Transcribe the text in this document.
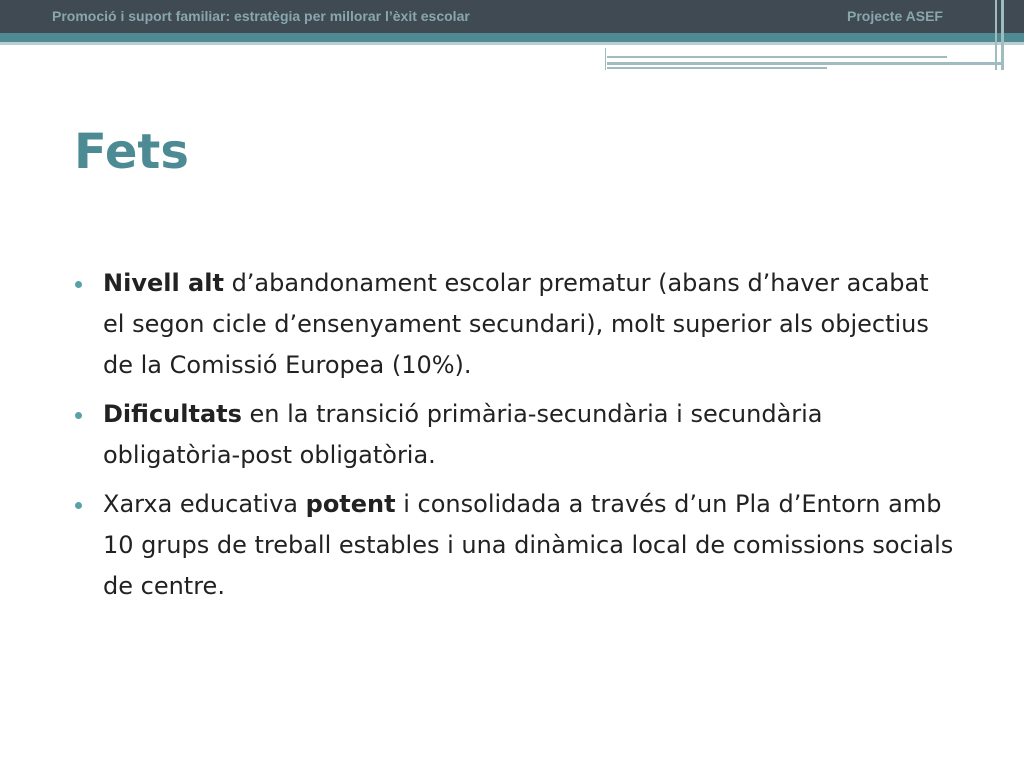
Promoció i suport familiar: estratègia per millorar l’èxit escolar	Projecte ASEF
Fets
Nivell alt d’abandonament escolar prematur (abans d’haver acabat el segon cicle d’ensenyament secundari), molt superior als objectius de la Comissió Europea (10%).
Dificultats en la transició primària-secundària i secundària obligatòria-post obligatòria.
Xarxa educativa potent i consolidada a través d’un Pla d’Entorn amb 10 grups de treball estables i una dinàmica local de comissions socials de centre.
